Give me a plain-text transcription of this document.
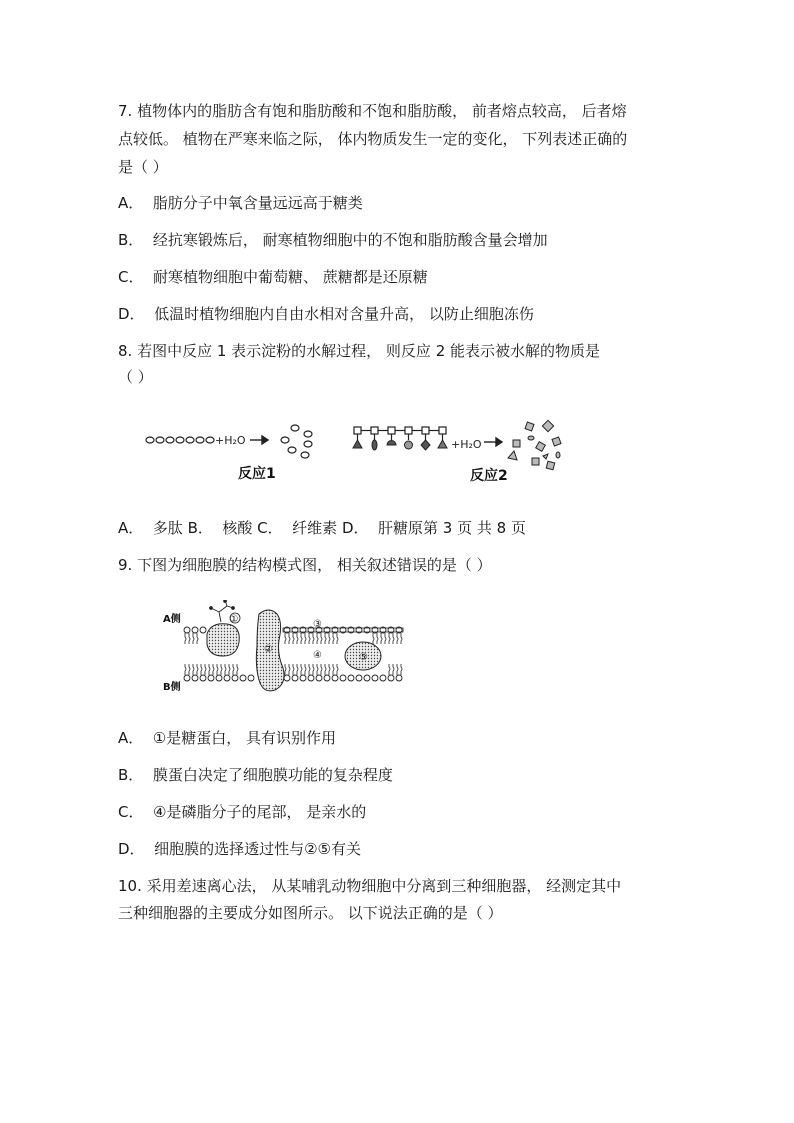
7. 植物体内的脂肪含有饱和脂肪酸和不饱和脂肪酸， 前者熔点较高， 后者熔
点较低。 植物在严寒来临之际， 体内物质发生一定的变化， 下列表述正确的
是（ ）
A．  脂肪分子中氧含量远远高于糖类
B．  经抗寒锻炼后， 耐寒植物细胞中的不饱和脂肪酸含量会增加
C．  耐寒植物细胞中葡萄糖、 蔗糖都是还原糖
D．  低温时植物细胞内自由水相对含量升高， 以防止细胞冻伤
8. 若图中反应 1 表示淀粉的水解过程， 则反应 2 能表示被水解的物质是
（ ）
+H₂O
反应1
+H₂O
反应2
A．  多肽 B．  核酸 C．  纤维素 D．  肝糖原第 3 页 共 8 页
9. 下图为细胞膜的结构模式图， 相关叙述错误的是（ ）
A侧
B侧
①
②
③
④	⑤
A．  ①是糖蛋白， 具有识别作用
B．  膜蛋白决定了细胞膜功能的复杂程度
C．  ④是磷脂分子的尾部， 是亲水的
D．  细胞膜的选择透过性与②⑤有关
10. 采用差速离心法， 从某哺乳动物细胞中分离到三种细胞器， 经测定其中
三种细胞器的主要成分如图所示。 以下说法正确的是（ ）
